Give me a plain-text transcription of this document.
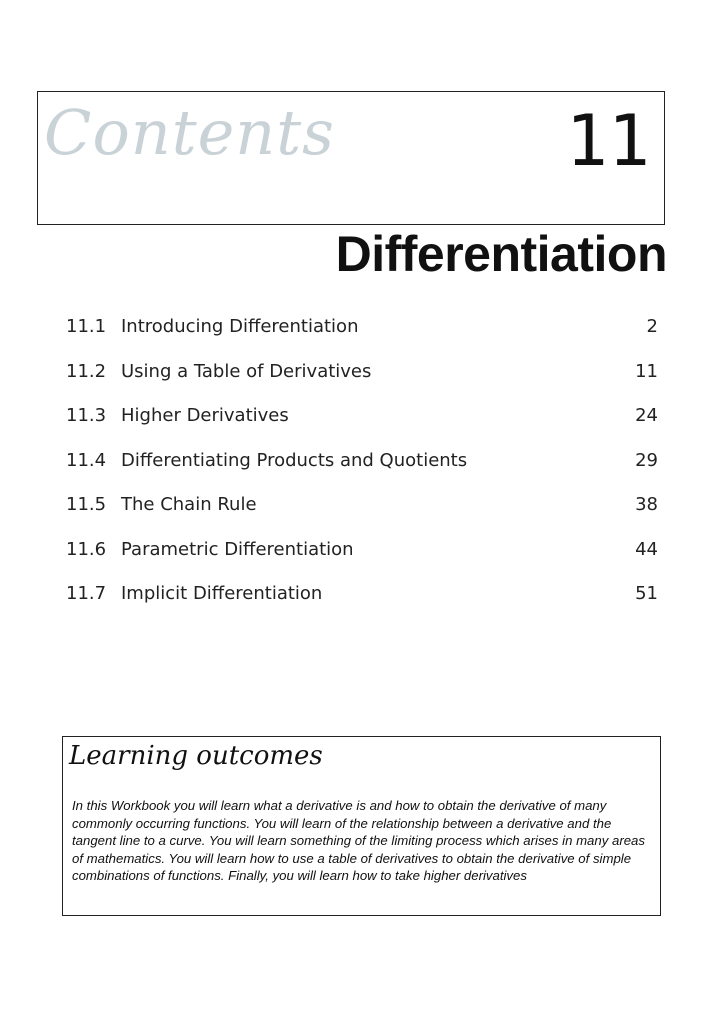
Contents	11
Differentiation
11.1 Introducing Differentiation	2
11.2 Using a Table of Derivatives	11
11.3 Higher Derivatives	24
11.4 Differentiating Products and Quotients	29
11.5 The Chain Rule	38
11.6 Parametric Differentiation	44
11.7 Implicit Differentiation	51
Learning outcomes
In this Workbook you will learn what a derivative is and how to obtain the derivative of many commonly occurring functions. You will learn of the relationship between a derivative and the tangent line to a curve. You will learn something of the limiting process which arises in many areas of mathematics. You will learn how to use a table of derivatives to obtain the derivative of simple combinations of functions. Finally, you will learn how to take higher derivatives
